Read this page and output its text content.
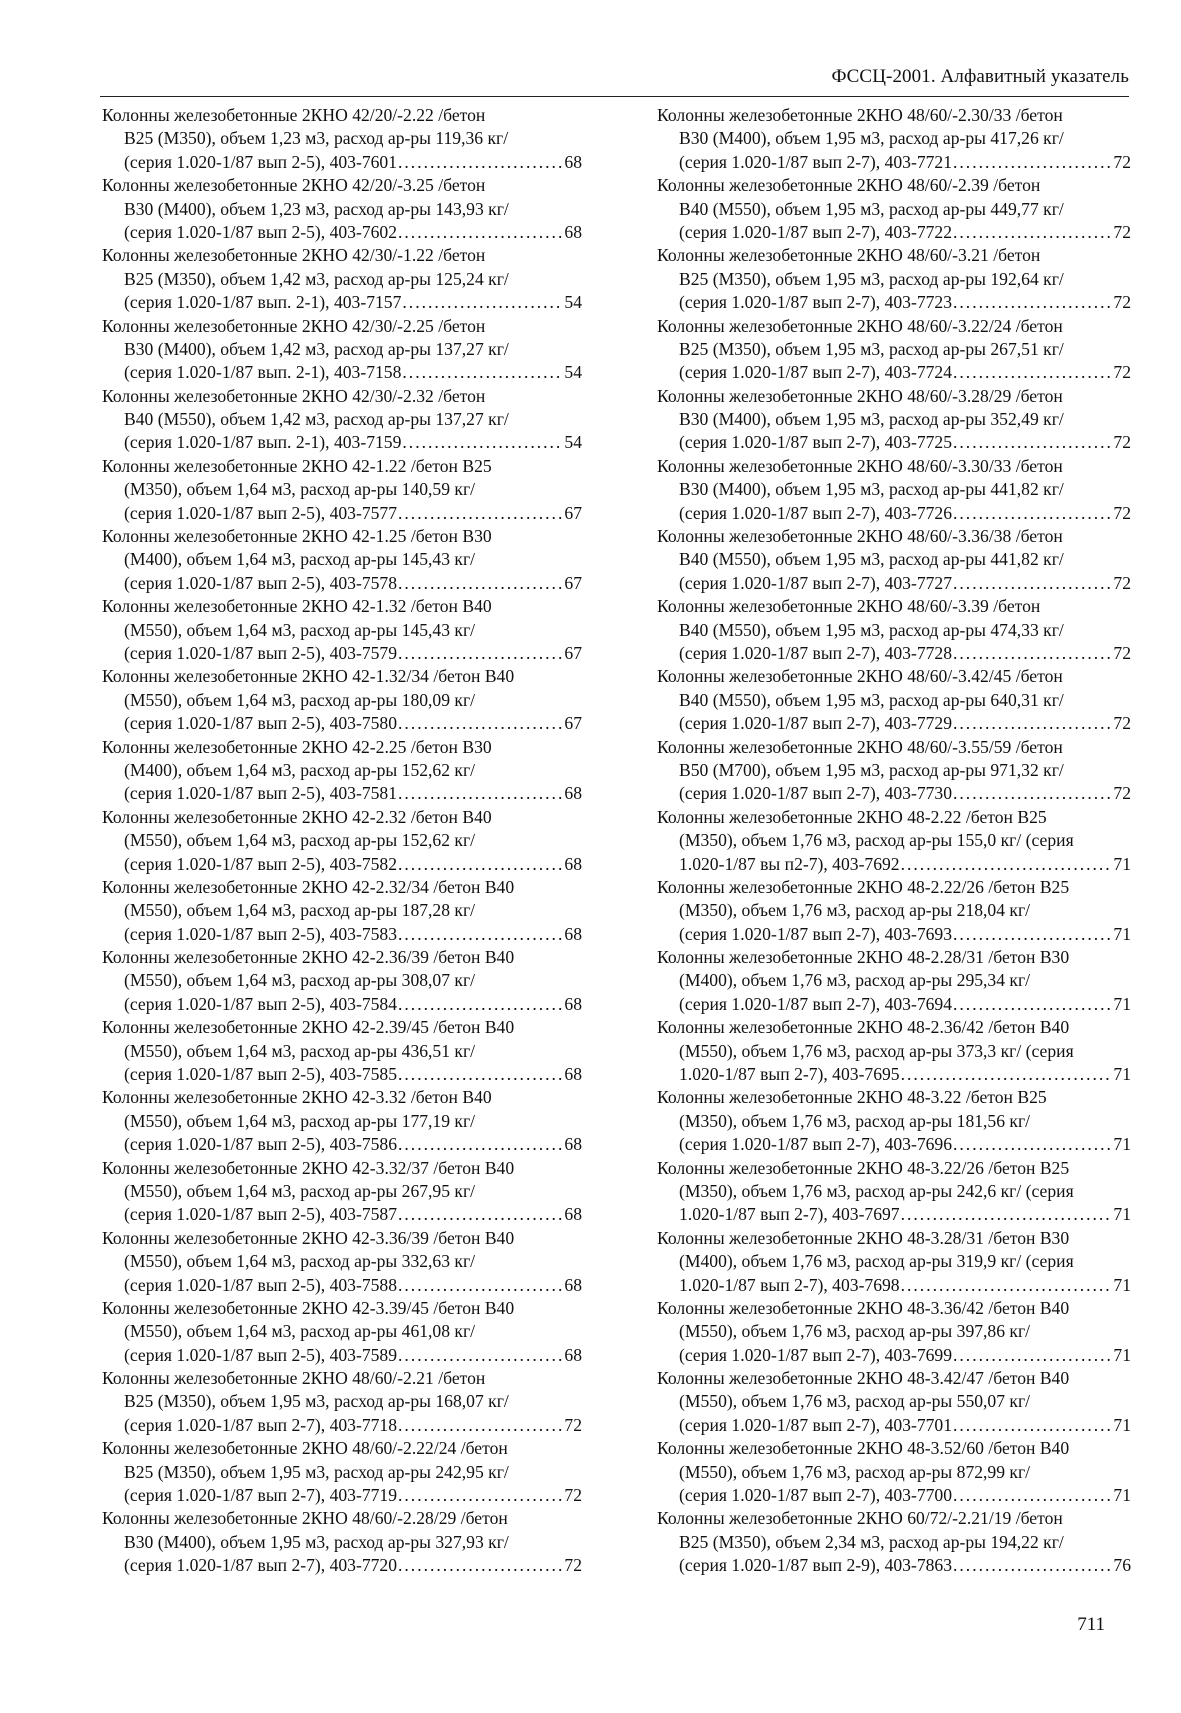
ФССЦ-2001. Алфавитный указатель
Колонны железобетонные 2КНО 42/20/-2.22 /бетон
B25 (M350), объем 1,23 м3, расход ар-ры 119,36 кг/
(серия 1.020-1/87 вып 2-5), 403-7601 . . .	68
Колонны железобетонные 2КНО 42/20/-3.25 /бетон
B30 (M400), объем 1,23 м3, расход ар-ры 143,93 кг/
(серия 1.020-1/87 вып 2-5), 403-7602 . . .	68
Колонны железобетонные 2КНО 42/30/-1.22 /бетон
B25 (M350), объем 1,42 м3, расход ар-ры 125,24 кг/
(серия 1.020-1/87 вып. 2-1), 403-7157 . . .	54
Колонны железобетонные 2КНО 42/30/-2.25 /бетон
B30 (M400), объем 1,42 м3, расход ар-ры 137,27 кг/
(серия 1.020-1/87 вып. 2-1), 403-7158 . . .	54
Колонны железобетонные 2КНО 42/30/-2.32 /бетон
B40 (M550), объем 1,42 м3, расход ар-ры 137,27 кг/
(серия 1.020-1/87 вып. 2-1), 403-7159 . . .	54
Колонны железобетонные 2КНО 42-1.22 /бетон B25
(M350), объем 1,64 м3, расход ар-ры 140,59 кг/
(серия 1.020-1/87 вып 2-5), 403-7577 . . .	67
Колонны железобетонные 2КНО 42-1.25 /бетон B30
(M400), объем 1,64 м3, расход ар-ры 145,43 кг/
(серия 1.020-1/87 вып 2-5), 403-7578 . . .	67
Колонны железобетонные 2КНО 42-1.32 /бетон B40
(M550), объем 1,64 м3, расход ар-ры 145,43 кг/
(серия 1.020-1/87 вып 2-5), 403-7579 . . .	67
Колонны железобетонные 2КНО 42-1.32/34 /бетон B40
(M550), объем 1,64 м3, расход ар-ры 180,09 кг/
(серия 1.020-1/87 вып 2-5), 403-7580 . . .	67
Колонны железобетонные 2КНО 42-2.25 /бетон B30
(M400), объем 1,64 м3, расход ар-ры 152,62 кг/
(серия 1.020-1/87 вып 2-5), 403-7581 . . .	68
Колонны железобетонные 2КНО 42-2.32 /бетон B40
(M550), объем 1,64 м3, расход ар-ры 152,62 кг/
(серия 1.020-1/87 вып 2-5), 403-7582 . . .	68
Колонны железобетонные 2КНО 42-2.32/34 /бетон B40
(M550), объем 1,64 м3, расход ар-ры 187,28 кг/
(серия 1.020-1/87 вып 2-5), 403-7583 . . .	68
Колонны железобетонные 2КНО 42-2.36/39 /бетон B40
(M550), объем 1,64 м3, расход ар-ры 308,07 кг/
(серия 1.020-1/87 вып 2-5), 403-7584 . . .	68
Колонны железобетонные 2КНО 42-2.39/45 /бетон B40
(M550), объем 1,64 м3, расход ар-ры 436,51 кг/
(серия 1.020-1/87 вып 2-5), 403-7585 . . .	68
Колонны железобетонные 2КНО 42-3.32 /бетон B40
(M550), объем 1,64 м3, расход ар-ры 177,19 кг/
(серия 1.020-1/87 вып 2-5), 403-7586 . . .	68
Колонны железобетонные 2КНО 42-3.32/37 /бетон B40
(M550), объем 1,64 м3, расход ар-ры 267,95 кг/
(серия 1.020-1/87 вып 2-5), 403-7587 . . .	68
Колонны железобетонные 2КНО 42-3.36/39 /бетон B40
(M550), объем 1,64 м3, расход ар-ры 332,63 кг/
(серия 1.020-1/87 вып 2-5), 403-7588 . . .	68
Колонны железобетонные 2КНО 42-3.39/45 /бетон B40
(M550), объем 1,64 м3, расход ар-ры 461,08 кг/
(серия 1.020-1/87 вып 2-5), 403-7589 . . .	68
Колонны железобетонные 2КНО 48/60/-2.21 /бетон
B25 (M350), объем 1,95 м3, расход ар-ры 168,07 кг/
(серия 1.020-1/87 вып 2-7), 403-7718 . . .	72
Колонны железобетонные 2КНО 48/60/-2.22/24 /бетон
B25 (M350), объем 1,95 м3, расход ар-ры 242,95 кг/
(серия 1.020-1/87 вып 2-7), 403-7719 . . .	72
Колонны железобетонные 2КНО 48/60/-2.28/29 /бетон
B30 (M400), объем 1,95 м3, расход ар-ры 327,93 кг/
(серия 1.020-1/87 вып 2-7), 403-7720 . . .	72
Колонны железобетонные 2КНО 48/60/-2.30/33 /бетон
B30 (M400), объем 1,95 м3, расход ар-ры 417,26 кг/
(серия 1.020-1/87 вып 2-7), 403-7721 . . .	72
Колонны железобетонные 2КНО 48/60/-2.39 /бетон
B40 (M550), объем 1,95 м3, расход ар-ры 449,77 кг/
(серия 1.020-1/87 вып 2-7), 403-7722 . . .	72
Колонны железобетонные 2КНО 48/60/-3.21 /бетон
B25 (M350), объем 1,95 м3, расход ар-ры 192,64 кг/
(серия 1.020-1/87 вып 2-7), 403-7723 . . .	72
Колонны железобетонные 2КНО 48/60/-3.22/24 /бетон
B25 (M350), объем 1,95 м3, расход ар-ры 267,51 кг/
(серия 1.020-1/87 вып 2-7), 403-7724 . . .	72
Колонны железобетонные 2КНО 48/60/-3.28/29 /бетон
B30 (M400), объем 1,95 м3, расход ар-ры 352,49 кг/
(серия 1.020-1/87 вып 2-7), 403-7725 . . .	72
Колонны железобетонные 2КНО 48/60/-3.30/33 /бетон
B30 (M400), объем 1,95 м3, расход ар-ры 441,82 кг/
(серия 1.020-1/87 вып 2-7), 403-7726 . . .	72
Колонны железобетонные 2КНО 48/60/-3.36/38 /бетон
B40 (M550), объем 1,95 м3, расход ар-ры 441,82 кг/
(серия 1.020-1/87 вып 2-7), 403-7727 . . .	72
Колонны железобетонные 2КНО 48/60/-3.39 /бетон
B40 (M550), объем 1,95 м3, расход ар-ры 474,33 кг/
(серия 1.020-1/87 вып 2-7), 403-7728 . . .	72
Колонны железобетонные 2КНО 48/60/-3.42/45 /бетон
B40 (M550), объем 1,95 м3, расход ар-ры 640,31 кг/
(серия 1.020-1/87 вып 2-7), 403-7729 . . .	72
Колонны железобетонные 2КНО 48/60/-3.55/59 /бетон
B50 (M700), объем 1,95 м3, расход ар-ры 971,32 кг/
(серия 1.020-1/87 вып 2-7), 403-7730 . . .	72
Колонны железобетонные 2КНО 48-2.22 /бетон B25
(M350), объем 1,76 м3, расход ар-ры 155,0 кг/ (серия
1.020-1/87 вы п2-7), 403-7692 . . .	71
Колонны железобетонные 2КНО 48-2.22/26 /бетон B25
(M350), объем 1,76 м3, расход ар-ры 218,04 кг/
(серия 1.020-1/87 вып 2-7), 403-7693 . . .	71
Колонны железобетонные 2КНО 48-2.28/31 /бетон B30
(M400), объем 1,76 м3, расход ар-ры 295,34 кг/
(серия 1.020-1/87 вып 2-7), 403-7694 . . .	71
Колонны железобетонные 2КНО 48-2.36/42 /бетон B40
(M550), объем 1,76 м3, расход ар-ры 373,3 кг/ (серия
1.020-1/87 вып 2-7), 403-7695 . . .	71
Колонны железобетонные 2КНО 48-3.22 /бетон B25
(M350), объем 1,76 м3, расход ар-ры 181,56 кг/
(серия 1.020-1/87 вып 2-7), 403-7696 . . .	71
Колонны железобетонные 2КНО 48-3.22/26 /бетон B25
(M350), объем 1,76 м3, расход ар-ры 242,6 кг/ (серия
1.020-1/87 вып 2-7), 403-7697 . . .	71
Колонны железобетонные 2КНО 48-3.28/31 /бетон B30
(M400), объем 1,76 м3, расход ар-ры 319,9 кг/ (серия
1.020-1/87 вып 2-7), 403-7698 . . .	71
Колонны железобетонные 2КНО 48-3.36/42 /бетон B40
(M550), объем 1,76 м3, расход ар-ры 397,86 кг/
(серия 1.020-1/87 вып 2-7), 403-7699 . . .	71
Колонны железобетонные 2КНО 48-3.42/47 /бетон B40
(M550), объем 1,76 м3, расход ар-ры 550,07 кг/
(серия 1.020-1/87 вып 2-7), 403-7701 . . .	71
Колонны железобетонные 2КНО 48-3.52/60 /бетон B40
(M550), объем 1,76 м3, расход ар-ры 872,99 кг/
(серия 1.020-1/87 вып 2-7), 403-7700 . . .	71
Колонны железобетонные 2КНО 60/72/-2.21/19 /бетон
B25 (M350), объем 2,34 м3, расход ар-ры 194,22 кг/
(серия 1.020-1/87 вып 2-9), 403-7863 . . .	76
711
